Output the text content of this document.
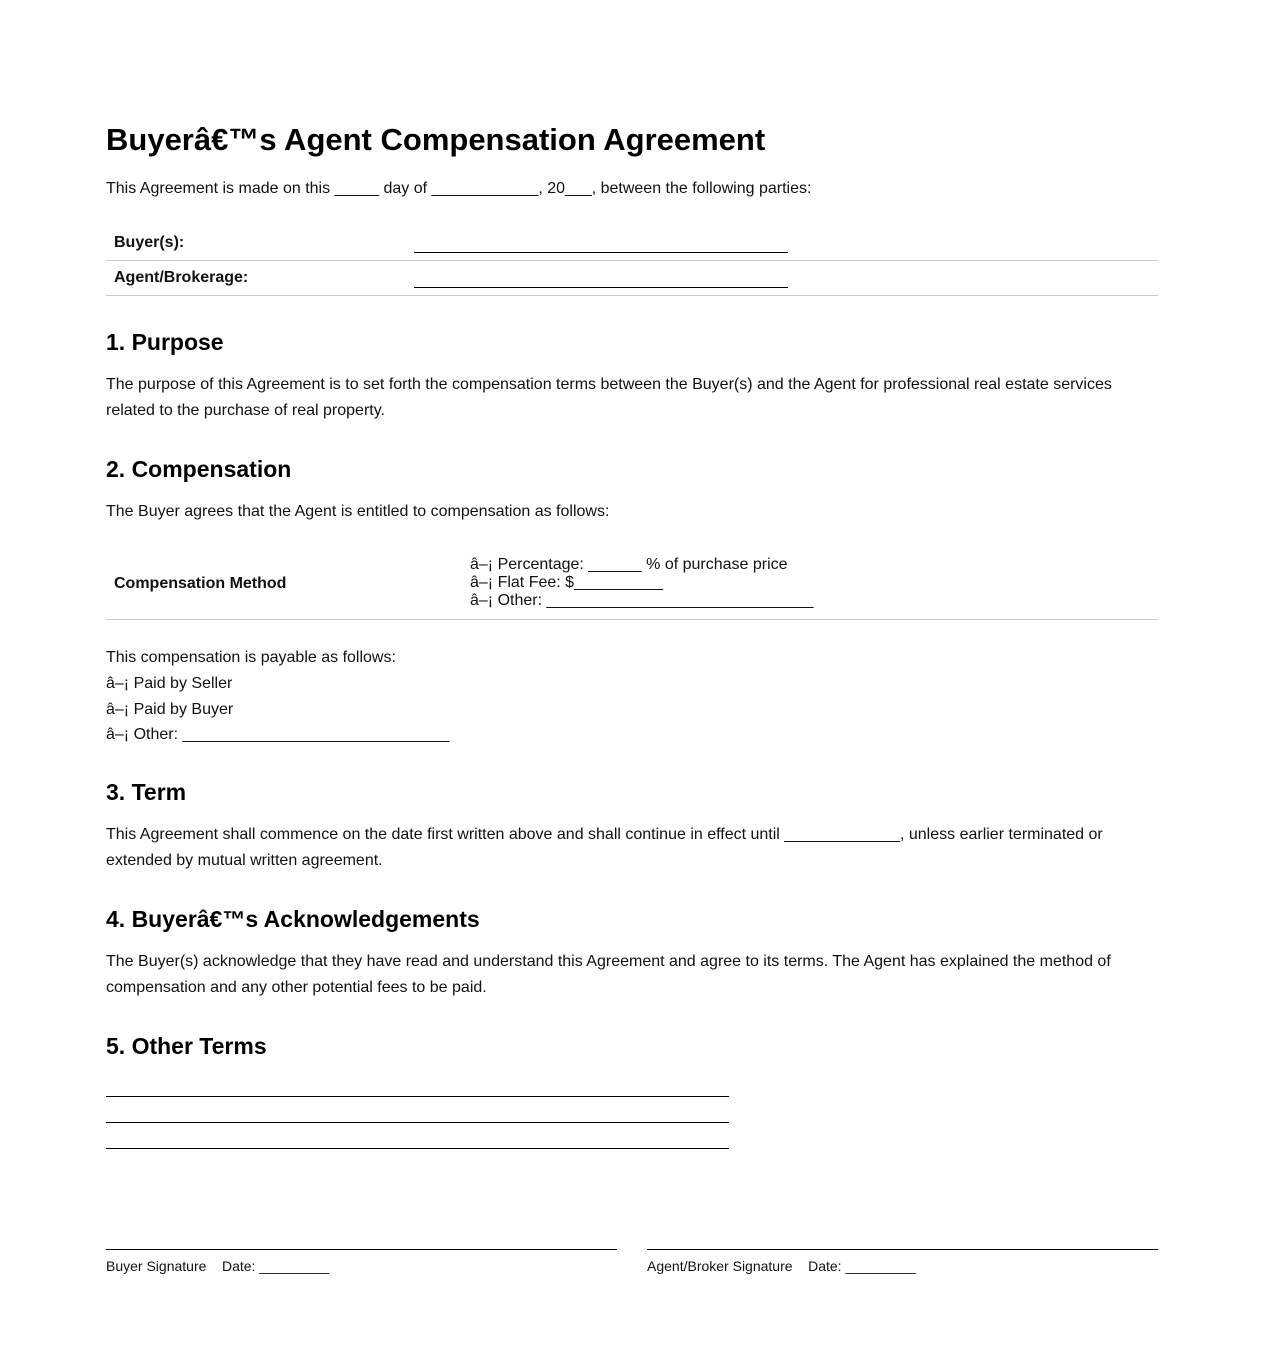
Buyerâ€™s Agent Compensation Agreement

This Agreement is made on this _____ day of ____________, 20___, between the following parties:

Buyer(s):
Agent/Brokerage:
1. Purpose

The purpose of this Agreement is to set forth the compensation terms between the Buyer(s) and the Agent for professional real estate services related to the purchase of real property.

2. Compensation

The Buyer agrees that the Agent is entitled to compensation as follows:

Compensation Method
â–¡ Percentage: ______ % of purchase price
â–¡ Flat Fee: $__________
â–¡ Other: ______________________________
This compensation is payable as follows:
â–¡ Paid by Seller
â–¡ Paid by Buyer
â–¡ Other: ______________________________
3. Term

This Agreement shall commence on the date first written above and shall continue in effect until _____________, unless earlier terminated or extended by mutual written agreement.

4. Buyerâ€™s Acknowledgements

The Buyer(s) acknowledge that they have read and understand this Agreement and agree to its terms. The Agent has explained the method of compensation and any other potential fees to be paid.

5. Other Terms
Buyer Signature Date: _________	Agent/Broker Signature Date: _________
